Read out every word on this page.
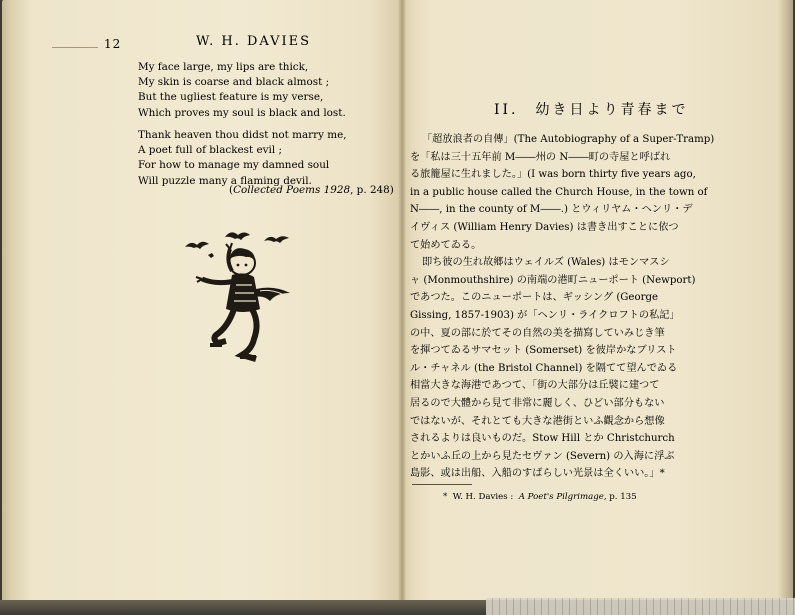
12	W. H. DAVIES
My face large, my lips are thick,
My skin is coarse and black almost ;
But the ugliest feature is my verse,
Which proves my soul is black and lost.
Thank heaven thou didst not marry me,
A poet full of blackest evil ;
For how to manage my damned soul
Will puzzle many a flaming devil.
(Collected Poems 1928, p. 248)
II.　幼き日より青春まで
「超放浪者の自傳」(The Autobiography of a Super-Tramp)
を「私は三十五年前 M――州の N――町の寺屋と呼ばれ
る旅籠屋に生れました。」(I was born thirty five years ago,
in a public house called the Church House, in the town of
N――, in the county of M――.) とウィリヤム・ヘンリ・デ
イヴィス (William Henry Davies) は書き出すことに依つ
て始めてゐる。
即ち彼の生れ故郷はウェイルズ (Wales) はモンマスシ
ャ (Monmouthshire) の南端の港町ニューポート (Newport)
であつた。このニューポートは、ギッシング (George
Gissing, 1857-1903) が「ヘンリ・ライクロフトの私記」
の中、夏の部に於てその自然の美を描寫していみじき筆
を揮つてゐるサマセット (Somerset) を彼岸かなブリスト
ル・チャネル (the Bristol Channel) を隔てて望んでゐる
相當大きな海港であつて、「街の大部分は丘襞に建つて
居るので大體から見て非常に麗しく、ひどい部分もない
ではないが、それとても大きな港街といふ觀念から想像
されるよりは良いものだ。Stow Hill とか Christchurch
とかいふ丘の上から見たセヴァン (Severn) の入海に浮ぶ
島影、或は出船、入船のすばらしい光景は全くいい。」*
* W. H. Davies : A Poet's Pilgrimage, p. 135
